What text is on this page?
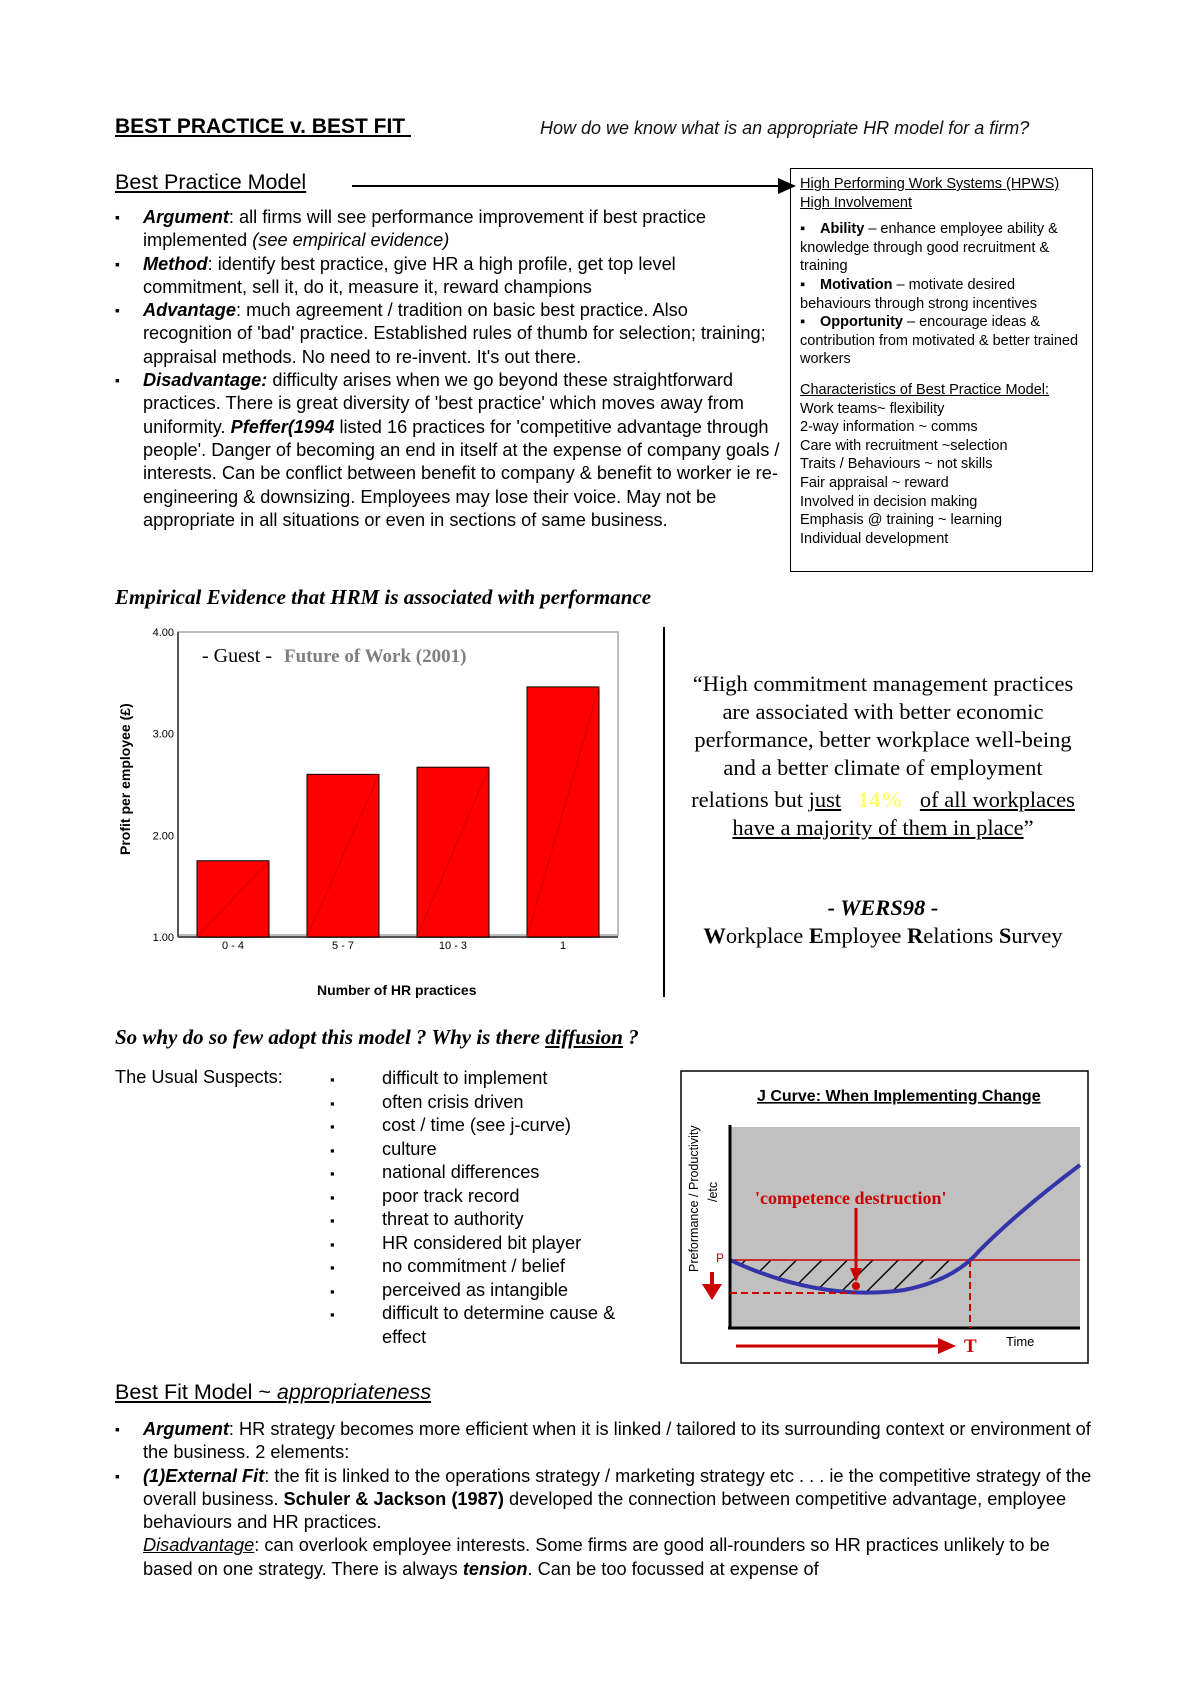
BEST PRACTICE v. BEST FIT	How do we know what is an appropriate HR model for a firm?
Best Practice Model
▪ Argument: all firms will see performance improvement if best practice implemented (see empirical evidence)
▪ Method: identify best practice, give HR a high profile, get top level commitment, sell it, do it, measure it, reward champions
▪ Advantage: much agreement / tradition on basic best practice. Also recognition of 'bad' practice. Established rules of thumb for selection; training; appraisal methods. No need to re-invent. It's out there.
▪ Disadvantage: difficulty arises when we go beyond these straightforward practices. There is great diversity of 'best practice' which moves away from uniformity. Pfeffer(1994 listed 16 practices for 'competitive advantage through people'. Danger of becoming an end in itself at the expense of company goals / interests. Can be conflict between benefit to company & benefit to worker ie re-engineering & downsizing. Employees may lose their voice. May not be appropriate in all situations or even in sections of same business.
High Performing Work Systems (HPWS)
High Involvement
▪ Ability – enhance employee ability & knowledge through good recruitment & training
▪ Motivation – motivate desired behaviours through strong incentives
▪ Opportunity – encourage ideas & contribution from motivated & better trained workers
Characteristics of Best Practice Model:
Work teams~ flexibility
2-way information ~ comms
Care with recruitment ~selection
Traits / Behaviours ~ not skills
Fair appraisal ~ reward
Involved in decision making
Emphasis @ training ~ learning
Individual development
Empirical Evidence that HRM is associated with performance
- Guest - Future of Work (2001)
Profit per employee (£)
Number of HR practices
1.00
2.00
3.00
4.00
0 - 4	5 - 7	10 - 3	1
“High commitment management practices
are associated with better economic
performance, better workplace well-being
and a better climate of employment
relations but just 14% of all workplaces
have a majority of them in place”
- WERS98 -
Workplace Employee Relations Survey
So why do so few adopt this model ? Why is there diffusion ?
The Usual Suspects:	▪	difficult to implement
▪	often crisis driven
▪	cost / time (see j-curve)
▪	culture
▪	national differences
▪	poor track record
▪	threat to authority
▪	HR considered bit player
▪	no commitment / belief
▪	perceived as intangible
▪	difficult to determine cause &
effect
J Curve: When Implementing Change
'competence destruction'
P
T Time
Preformance / Productivity /etc
Best Fit Model ~ appropriateness
▪ Argument: HR strategy becomes more efficient when it is linked / tailored to its surrounding context or environment of the business. 2 elements:
▪ (1)External Fit: the fit is linked to the operations strategy / marketing strategy etc . . . ie the competitive strategy of the overall business. Schuler & Jackson (1987) developed the connection between competitive advantage, employee behaviours and HR practices.
Disadvantage: can overlook employee interests. Some firms are good all-rounders so HR practices unlikely to be based on one strategy. There is always tension. Can be too focussed at expense of
